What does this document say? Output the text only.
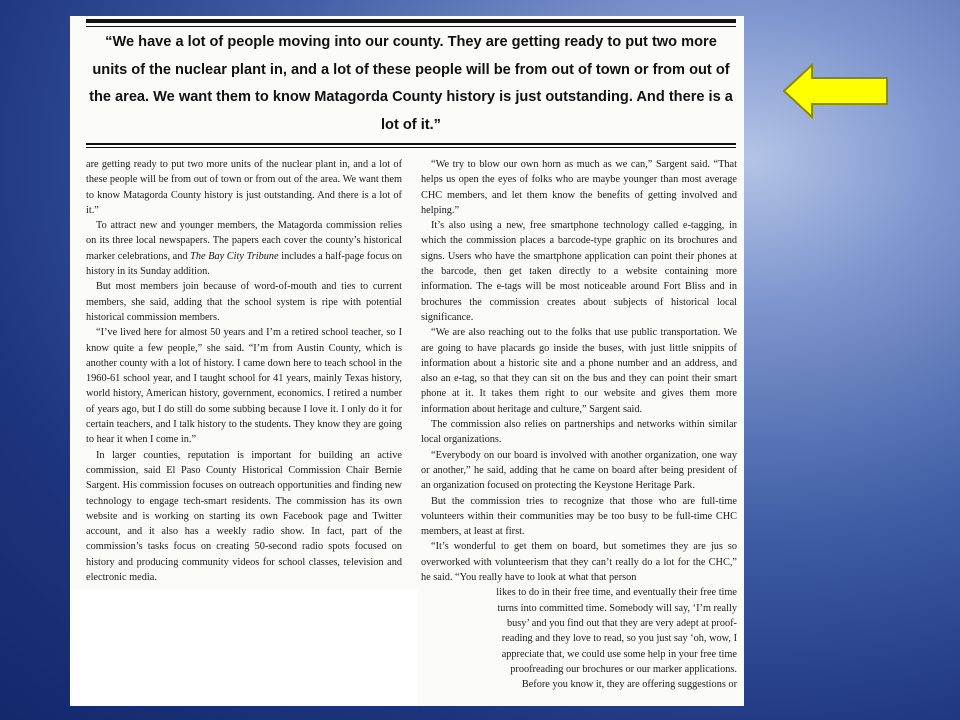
“We have a lot of people moving into our county. They are getting ready to put two more units of the nuclear plant in, and a lot of these people will be from out of town or from out of the area. We want them to know Matagorda County history is just outstanding. And there is a lot of it.”

are getting ready to put two more units of the nuclear plant in, and a lot of these people will be from out of town or from out of the area. We want them to know Matagorda County history is just outstanding. And there is a lot of it.”

To attract new and younger members, the Matagorda commission relies on its three local newspapers. The papers each cover the county’s historical marker celebrations, and The Bay City Tribune includes a half-page focus on history in its Sunday addition.

But most members join because of word-of-mouth and ties to current members, she said, adding that the school system is ripe with potential historical commission members.

“I’ve lived here for almost 50 years and I’m a retired school teacher, so I know quite a few people,” she said. “I’m from Austin County, which is another county with a lot of history. I came down here to teach school in the 1960-61 school year, and I taught school for 41 years, mainly Texas history, world history, American history, government, economics. I retired a number of years ago, but I do still do some subbing because I love it. I only do it for certain teachers, and I talk history to the students. They know they are going to hear it when I come in.”

In larger counties, reputation is important for building an active commission, said El Paso County Historical Commission Chair Bernie Sargent. His commission focuses on outreach opportunities and finding new technology to engage tech-smart residents. The commission has its own website and is working on starting its own Facebook page and Twitter account, and it also has a weekly radio show. In fact, part of the commission’s tasks focus on creating 50-second radio spots focused on history and producing community videos for school classes, television and electronic media.

“We try to blow our own horn as much as we can,” Sargent said. “That helps us open the eyes of folks who are maybe younger than most average CHC members, and let them know the benefits of getting involved and helping.”

It’s also using a new, free smartphone technology called e-tagging, in which the commission places a barcode-type graphic on its brochures and signs. Users who have the smartphone application can point their phones at the barcode, then get taken directly to a website containing more information. The e-tags will be most noticeable around Fort Bliss and in brochures the commission creates about subjects of historical local significance.

“We are also reaching out to the folks that use public transportation. We are going to have placards go inside the buses, with just little snippits of information about a historic site and a phone number and an address, and also an e-tag, so that they can sit on the bus and they can point their smart phone at it. It takes them right to our website and gives them more information about heritage and culture,” Sargent said.

The commission also relies on partnerships and networks within similar local organizations.

“Everybody on our board is involved with another organization, one way or another,” he said, adding that he came on board after being president of an organization focused on protecting the Keystone Heritage Park.

But the commission tries to recognize that those who are full-time volunteers within their communities may be too busy to be full-time CHC members, at least at first.

“It’s wonderful to get them on board, but sometimes they are jus so overworked with volunteerism that they can’t really do a lot for the CHC,” he said. “You really have to look at what that person

likes to do in their free time, and eventually their free time

turns into committed time. Somebody will say, ‘I’m really

busy’ and you find out that they are very adept at proof-

reading and they love to read, so you just say ‘oh, wow, I

appreciate that, we could use some help in your free time

proofreading our brochures or our marker applications.

Before you know it, they are offering suggestions or
